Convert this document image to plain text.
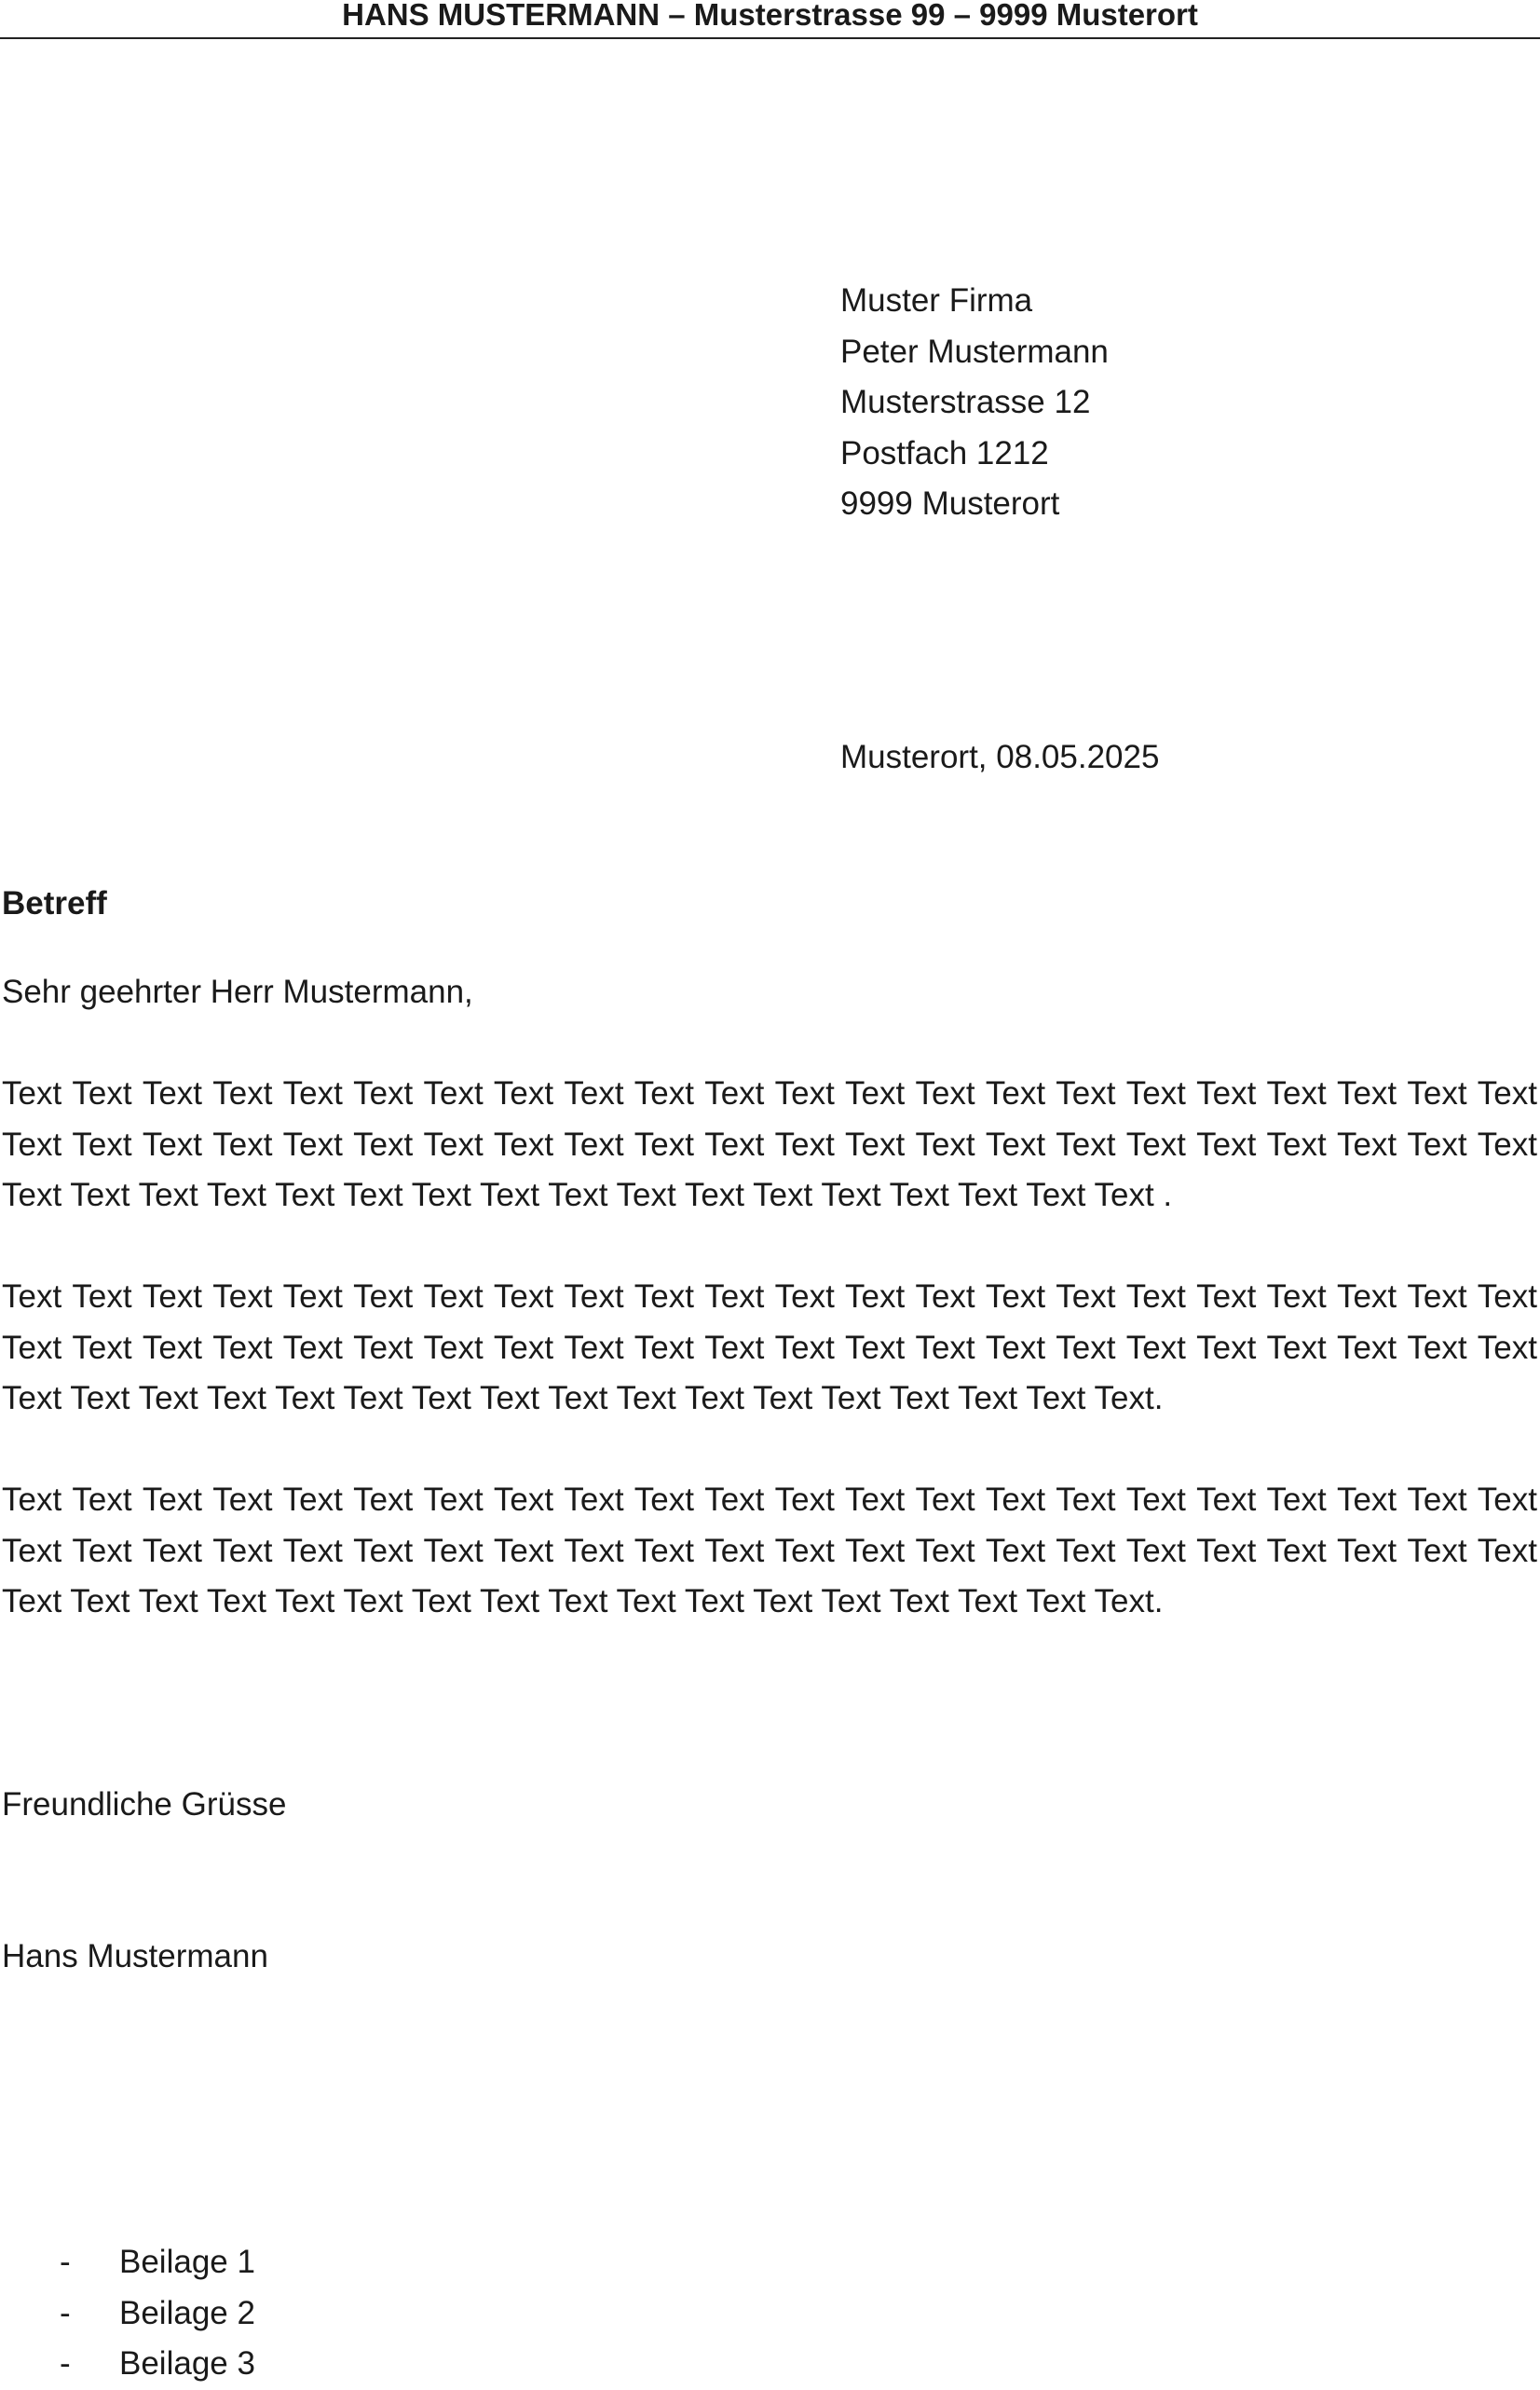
HANS MUSTERMANN – Musterstrasse 99 – 9999 Musterort
Muster Firma
Peter Mustermann
Musterstrasse 12
Postfach 1212
9999 Musterort
Musterort, 08.05.2025
Betreff
Sehr geehrter Herr Mustermann,

Text Text Text Text Text Text Text Text Text Text Text Text Text Text Text Text Text Text Text Text Text Text Text Text Text Text Text Text Text Text Text Text Text Text Text Text Text Text Text Text Text Text Text Text Text Text Text Text Text Text Text Text Text Text Text Text Text Text Text Text Text .

Text Text Text Text Text Text Text Text Text Text Text Text Text Text Text Text Text Text Text Text Text Text Text Text Text Text Text Text Text Text Text Text Text Text Text Text Text Text Text Text Text Text Text Text Text Text Text Text Text Text Text Text Text Text Text Text Text Text Text Text Text.

Text Text Text Text Text Text Text Text Text Text Text Text Text Text Text Text Text Text Text Text Text Text Text Text Text Text Text Text Text Text Text Text Text Text Text Text Text Text Text Text Text Text Text Text Text Text Text Text Text Text Text Text Text Text Text Text Text Text Text Text Text.

Freundliche Grüsse
Hans Mustermann
- Beilage 1
- Beilage 2
- Beilage 3
